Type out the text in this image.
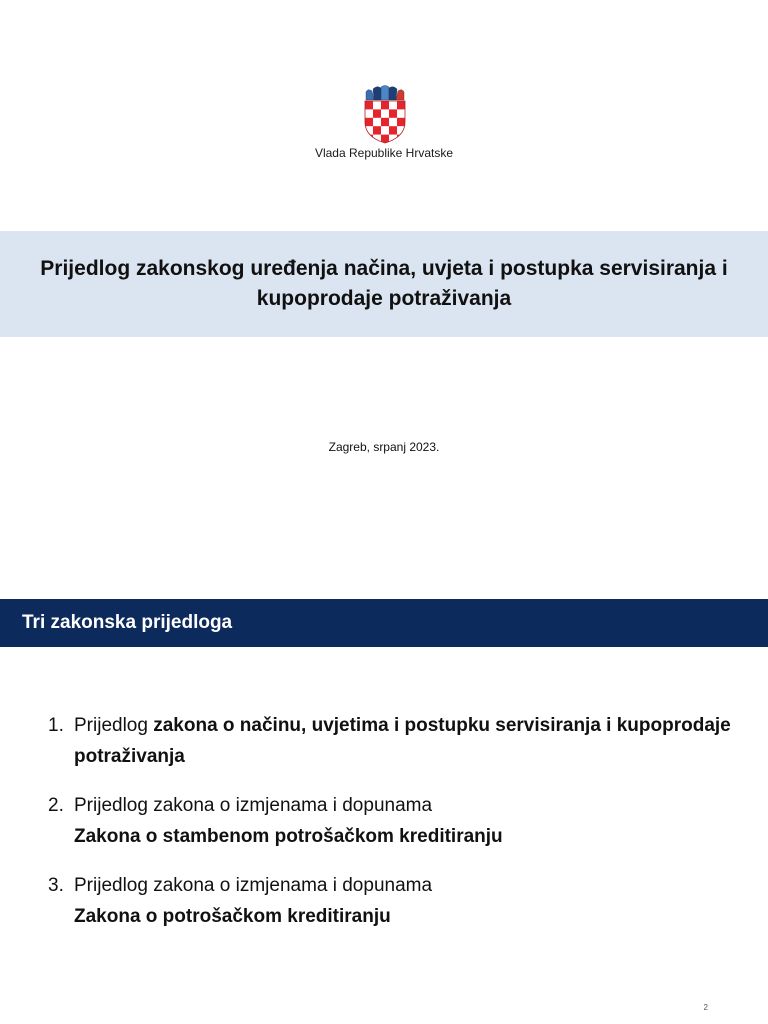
Vlada Republike Hrvatske
Prijedlog zakonskog uređenja načina, uvjeta i postupka servisiranja i kupoprodaje potraživanja
Zagreb, srpanj 2023.
Tri zakonska prijedloga
1. Prijedlog zakona o načinu, uvjetima i postupku servisiranja i kupoprodaje potraživanja
2. Prijedlog zakona o izmjenama i dopunama
Zakona o stambenom potrošačkom kreditiranju
3. Prijedlog zakona o izmjenama i dopunama
Zakona o potrošačkom kreditiranju
2
